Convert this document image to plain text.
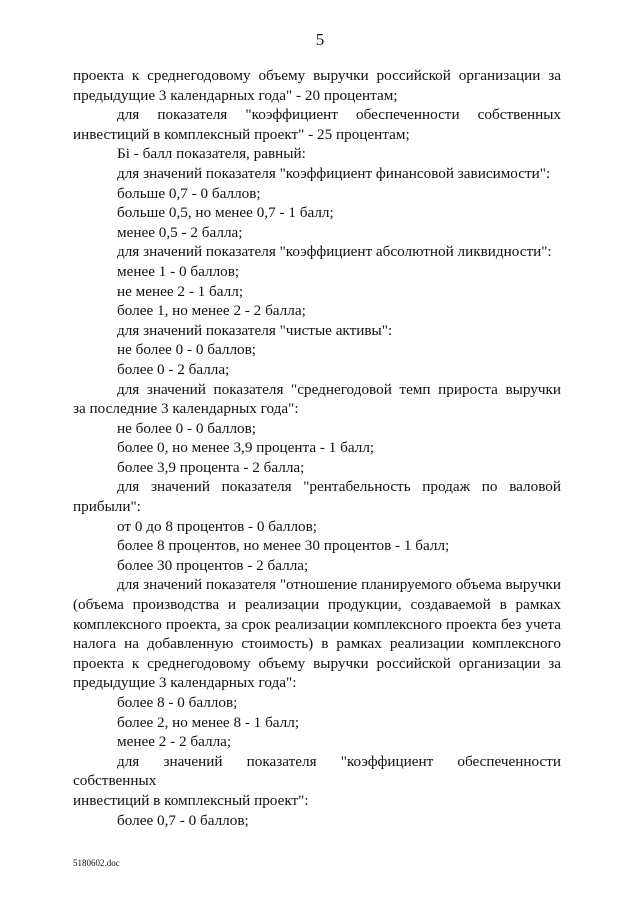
5

проекта к среднегодовому объему выручки российской организации за

предыдущие 3 календарных года" - 20 процентам;

для показателя "коэффициент обеспеченности собственных

инвестиций в комплексный проект" - 25 процентам;

Бi - балл показателя, равный:

для значений показателя "коэффициент финансовой зависимости":

больше 0,7 - 0 баллов;

больше 0,5, но менее 0,7 - 1 балл;

менее 0,5 - 2 балла;

для значений показателя "коэффициент абсолютной ликвидности":

менее 1 - 0 баллов;

не менее 2 - 1 балл;

более 1, но менее 2 - 2 балла;

для значений показателя "чистые активы":

не более 0 - 0 баллов;

более 0 - 2 балла;

для значений показателя "среднегодовой темп прироста выручки

за последние 3 календарных года":

не более 0 - 0 баллов;

более 0, но менее 3,9 процента - 1 балл;

более 3,9 процента - 2 балла;

для значений показателя "рентабельность продаж по валовой

прибыли":

от 0 до 8 процентов - 0 баллов;

более 8 процентов, но менее 30 процентов - 1 балл;

более 30 процентов - 2 балла;

для значений показателя "отношение планируемого объема выручки

(объема производства и реализации продукции, создаваемой в рамках

комплексного проекта, за срок реализации комплексного проекта без учета

налога на добавленную стоимость) в рамках реализации комплексного

проекта к среднегодовому объему выручки российской организации за

предыдущие 3 календарных года":

более 8 - 0 баллов;

более 2, но менее 8 - 1 балл;

менее 2 - 2 балла;

для значений показателя "коэффициент обеспеченности собственных

инвестиций в комплексный проект":

более 0,7 - 0 баллов;

5180602.doc
